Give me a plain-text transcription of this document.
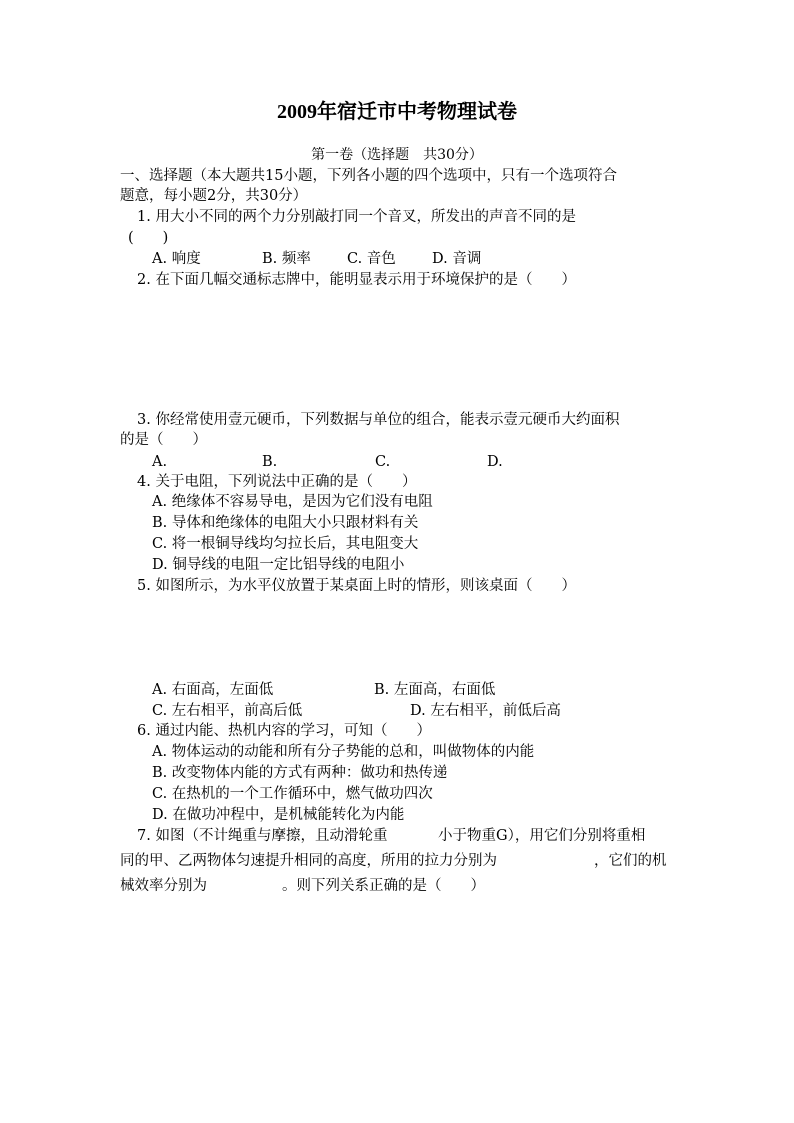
2009年宿迁市中考物理试卷
第一卷（选择题　共30分）
一、选择题（本大题共15小题，下列各小题的四个选项中，只有一个选项符合
题意，每小题2分，共30分）
1. 用大小不同的两个力分别敲打同一个音叉，所发出的声音不同的是
(　　)
A. 响度	B. 频率 C. 音色 D. 音调
2. 在下面几幅交通标志牌中，能明显表示用于环境保护的是（　　）
3. 你经常使用壹元硬币，下列数据与单位的组合，能表示壹元硬币大约面积
的是（　　）
A.	B.	C.	D.
4. 关于电阻，下列说法中正确的是（　　）
A. 绝缘体不容易导电，是因为它们没有电阻
B. 导体和绝缘体的电阻大小只跟材料有关
C. 将一根铜导线均匀拉长后，其电阻变大
D. 铜导线的电阻一定比铝导线的电阻小
5. 如图所示，为水平仪放置于某桌面上时的情形，则该桌面（　　）
A. 右面高，左面低	B. 左面高，右面低
C. 左右相平，前高后低	D. 左右相平，前低后高
6. 通过内能、热机内容的学习，可知（　　）
A. 物体运动的动能和所有分子势能的总和，叫做物体的内能
B. 改变物体内能的方式有两种：做功和热传递
C. 在热机的一个工作循环中，燃气做功四次
D. 在做功冲程中，是机械能转化为内能
7. 如图（不计绳重与摩擦，且动滑轮重	小于物重G），用它们分别将重相
同的甲、乙两物体匀速提升相同的高度，所用的拉力分别为	，它们的机
械效率分别为	。则下列关系正确的是（　　）
